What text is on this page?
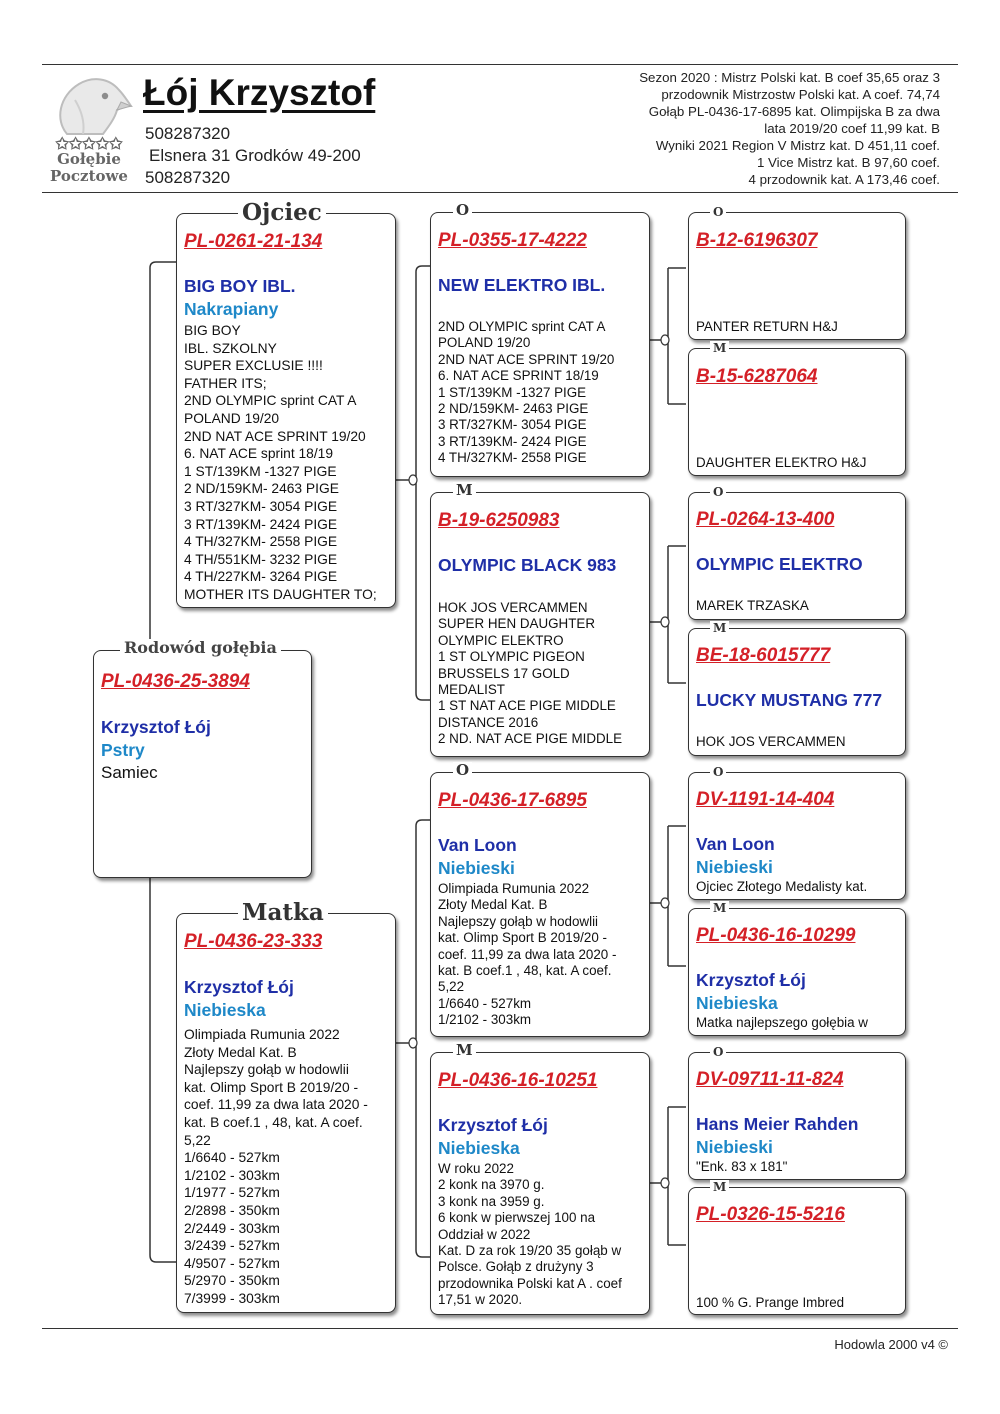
✩✩✩✩✩
Gołębie
Pocztowe
Łój Krzysztof
508287320
Elsnera 31 Grodków 49-200
508287320
Sezon 2020 : Mistrz Polski kat. B coef 35,65 oraz 3
przodownik Mistrzostw Polski kat. A coef. 74,74
Gołąb PL-0436-17-6895 kat. Olimpijska B za dwa
lata 2019/20 coef 11,99 kat. B
Wyniki 2021 Region V Mistrz kat. D 451,11 coef.
1 Vice Mistrz kat. B 97,60 coef.
4 przodownik kat. A 173,46 coef.
PL-0436-25-3894
Krzysztof Łój
Pstry
Samiec
Rodowód gołębia
PL-0261-21-134
BIG BOY IBL.
Nakrapiany
BIG BOY
IBL. SZKOLNY
SUPER EXCLUSIE !!!!
FATHER ITS;
2ND OLYMPIC sprint CAT A
POLAND 19/20
2ND NAT ACE SPRINT 19/20
6. NAT ACE sprint 18/19
1 ST/139KM -1327 PIGE
2 ND/159KM- 2463 PIGE
3 RT/327KM- 3054 PIGE
3 RT/139KM- 2424 PIGE
4 TH/327KM- 2558 PIGE
4 TH/551KM- 3232 PIGE
4 TH/227KM- 3264 PIGE
MOTHER ITS DAUGHTER TO;
Ojciec
PL-0436-23-333
Krzysztof Łój
Niebieska
Olimpiada Rumunia 2022
Złoty Medal Kat. B
Najlepszy gołąb w hodowlii
kat. Olimp Sport B 2019/20 -
coef. 11,99 za dwa lata 2020 -
kat. B coef.1 , 48, kat. A coef.
5,22
1/6640 - 527km
1/2102 - 303km
1/1977 - 527km
2/2898 - 350km
2/2449 - 303km
3/2439 - 527km
4/9507 - 527km
5/2970 - 350km
7/3999 - 303km
Matka
PL-0355-17-4222
NEW ELEKTRO IBL.
2ND OLYMPIC sprint CAT A
POLAND 19/20
2ND NAT ACE SPRINT 19/20
6. NAT ACE SPRINT 18/19
1 ST/139KM -1327 PIGE
2 ND/159KM- 2463 PIGE
3 RT/327KM- 3054 PIGE
3 RT/139KM- 2424 PIGE
4 TH/327KM- 2558 PIGE
O
B-19-6250983
OLYMPIC BLACK 983
HOK JOS VERCAMMEN
SUPER HEN DAUGHTER
OLYMPIC ELEKTRO
1 ST OLYMPIC PIGEON
BRUSSELS 17 GOLD
MEDALIST
1 ST NAT ACE PIGE MIDDLE
DISTANCE 2016
2 ND. NAT ACE PIGE MIDDLE
M
PL-0436-17-6895
Van Loon
Niebieski
Olimpiada Rumunia 2022
Złoty Medal Kat. B
Najlepszy gołąb w hodowlii
kat. Olimp Sport B 2019/20 -
coef. 11,99 za dwa lata 2020 -
kat. B coef.1 , 48, kat. A coef.
5,22
1/6640 - 527km
1/2102 - 303km
O
PL-0436-16-10251
Krzysztof Łój
Niebieska
W roku 2022
2 konk na 3970 g.
3 konk na 3959 g.
6 konk w pierwszej 100 na
Oddział w 2022
Kat. D za rok 19/20 35 gołąb w
Polsce. Gołąb z drużyny 3
przodownika Polski kat A . coef
17,51 w 2020.
M
B-12-6196307
PANTER RETURN H&J
O
B-15-6287064
DAUGHTER ELEKTRO H&J
M
PL-0264-13-400
OLYMPIC ELEKTRO
MAREK TRZASKA
O
BE-18-6015777
LUCKY MUSTANG 777
HOK JOS VERCAMMEN
M
DV-1191-14-404
Van Loon
Niebieski
Ojciec Złotego Medalisty kat.
O
PL-0436-16-10299
Krzysztof Łój
Niebieska
Matka najlepszego gołębia w
M
DV-09711-11-824
Hans Meier Rahden
Niebieski
"Enk. 83 x 181"
O
PL-0326-15-5216
100 % G. Prange Imbred
M
Hodowla 2000 v4 ©
